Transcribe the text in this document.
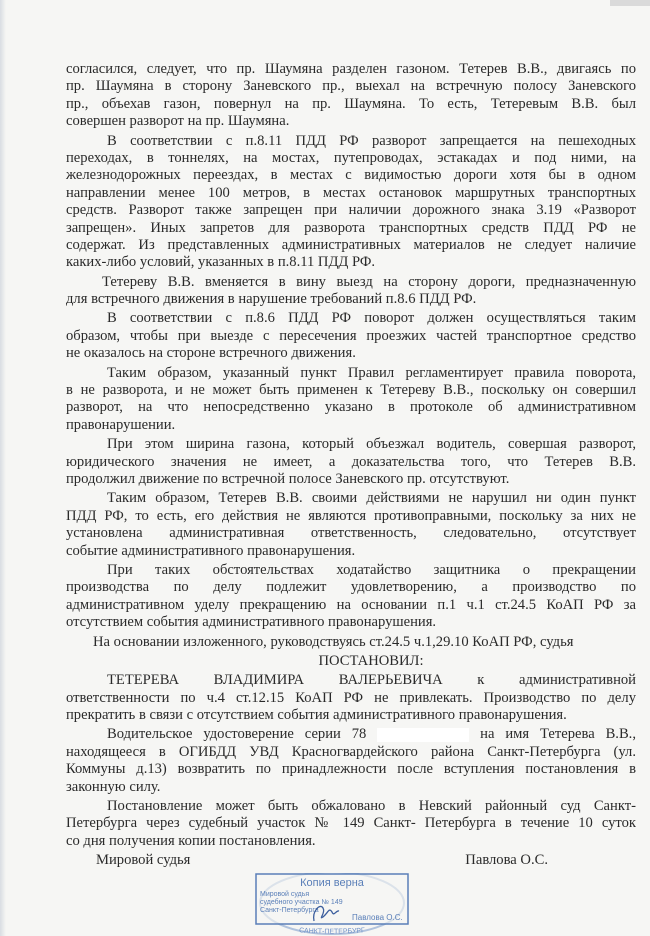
согласился, следует, что пр. Шаумяна разделен газоном. Тетерев В.В., двигаясь по
пр. Шаумяна в сторону Заневского пр., выехал на встречную полосу Заневского
пр., объехав газон, повернул на пр. Шаумяна. То есть, Тетеревым В.В. был
совершен разворот на пр. Шаумяна.
В соответствии с п.8.11 ПДД РФ разворот запрещается на пешеходных
переходах, в тоннелях, на мостах, путепроводах, эстакадах и под ними, на
железнодорожных переездах, в местах с видимостью дороги хотя бы в одном
направлении менее 100 метров, в местах остановок маршрутных транспортных
средств. Разворот также запрещен при наличии дорожного знака 3.19 «Разворот
запрещен». Иных запретов для разворота транспортных средств ПДД РФ не
содержат. Из представленных административных материалов не следует наличие
каких-либо условий, указанных в п.8.11 ПДД РФ.
Тетереву В.В. вменяется в вину выезд на сторону дороги, предназначенную
для встречного движения в нарушение требований п.8.6 ПДД РФ.
В соответствии с п.8.6 ПДД РФ поворот должен осуществляться таким
образом, чтобы при выезде с пересечения проезжих частей транспортное средство
не оказалось на стороне встречного движения.
Таким образом, указанный пункт Правил регламентирует правила поворота,
в не разворота, и не может быть применен к Тетереву В.В., поскольку он совершил
разворот, на что непосредственно указано в протоколе об административном
правонарушении.
При этом ширина газона, который объезжал водитель, совершая разворот,
юридического значения не имеет, а доказательства того, что Тетерев В.В.
продолжил движение по встречной полосе Заневского пр. отсутствуют.
Таким образом, Тетерев В.В. своими действиями не нарушил ни один пункт
ПДД РФ, то есть, его действия не являются противоправными, поскольку за них не
установлена административная ответственность, следовательно, отсутствует
событие административного правонарушения.
При таких обстоятельствах ходатайство защитника о прекращении
производства по делу подлежит удовлетворению, а производство по
административном уделу прекращению на основании п.1 ч.1 ст.24.5 КоАП РФ за
отсутствием события административного правонарушения.
На основании изложенного, руководствуясь ст.24.5 ч.1,29.10 КоАП РФ, судья
ПОСТАНОВИЛ:
ТЕТЕРЕВА ВЛАДИМИРА ВАЛЕРЬЕВИЧА к административной
ответственности по ч.4 ст.12.15 КоАП РФ не привлекать. Производство по делу
прекратить в связи с отсутствием события административного правонарушения.
Водительское удостоверение серии 78	на имя Тетерева В.В.,
находящееся в ОГИБДД УВД Красногвардейского района Санкт-Петербурга (ул.
Коммуны д.13) возвратить по принадлежности после вступления постановления в
законную силу.
Постановление может быть обжаловано в Невский районный суд Санкт-
Петербурга через судебный участок № 149 Санкт- Петербурга в течение 10 суток
со дня получения копии постановления.
Мировой судья	Павлова О.С.
Копия верна
Мировой судья
судебного участка № 149
Санкт-Петербурга
Павлова О.С.
САНКТ-ПЕТЕРБУРГ
